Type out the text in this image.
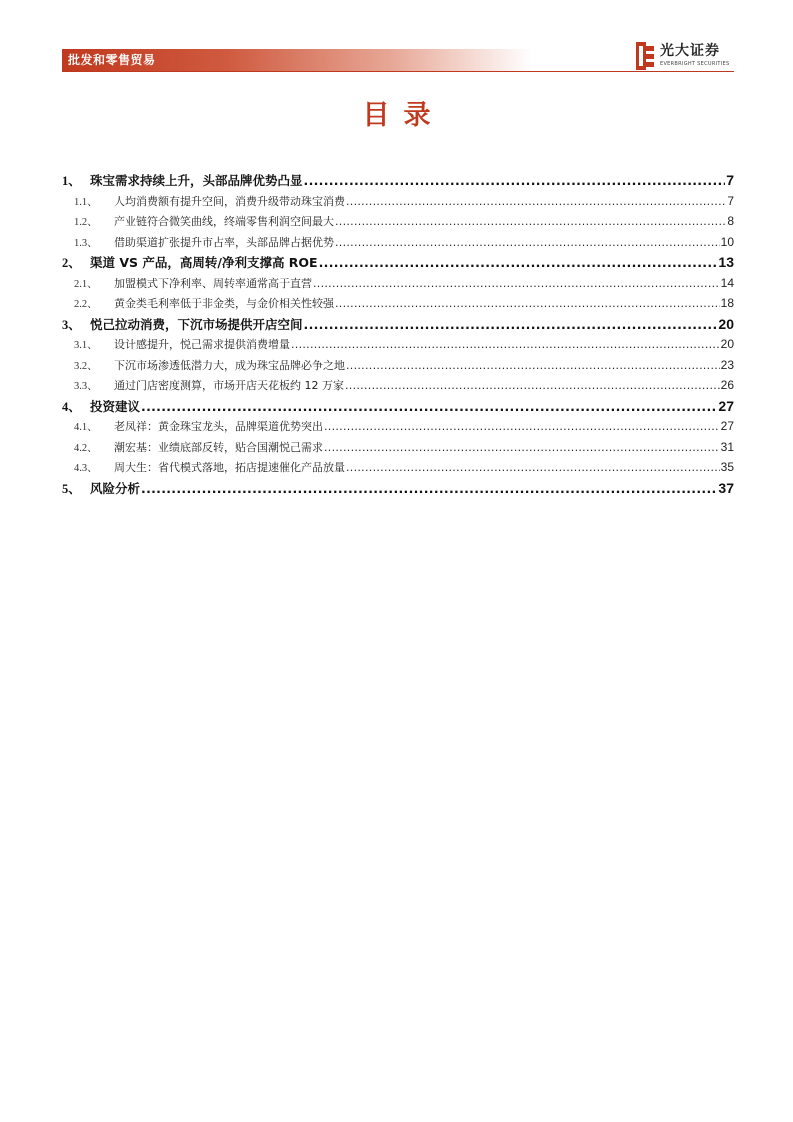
批发和零售贸易
光大证券
EVERBRIGHT SECURITIES
目录
1、 珠宝需求持续上升，头部品牌优势凸显 .....	7
1.1、	人均消费额有提升空间，消费升级带动珠宝消费 .....	7
1.2、	产业链符合微笑曲线，终端零售利润空间最大 .....	8
1.3、	借助渠道扩张提升市占率，头部品牌占据优势 .....	10
2、 渠道 VS 产品，高周转/净利支撑高 ROE .....	13
2.1、	加盟模式下净利率、周转率通常高于直营 .....	14
2.2、	黄金类毛利率低于非金类，与金价相关性较强 .....	18
3、 悦己拉动消费，下沉市场提供开店空间 .....	20
3.1、	设计感提升，悦己需求提供消费增量 .....	20
3.2、	下沉市场渗透低潜力大，成为珠宝品牌必争之地 .....	23
3.3、	通过门店密度测算，市场开店天花板约 12 万家 .....	26
4、 投资建议 .....	27
4.1、	老凤祥：黄金珠宝龙头，品牌渠道优势突出 .....	27
4.2、	潮宏基：业绩底部反转，贴合国潮悦己需求 .....	31
4.3、	周大生：省代模式落地，拓店提速催化产品放量 .....	35
5、 风险分析 .....	37
